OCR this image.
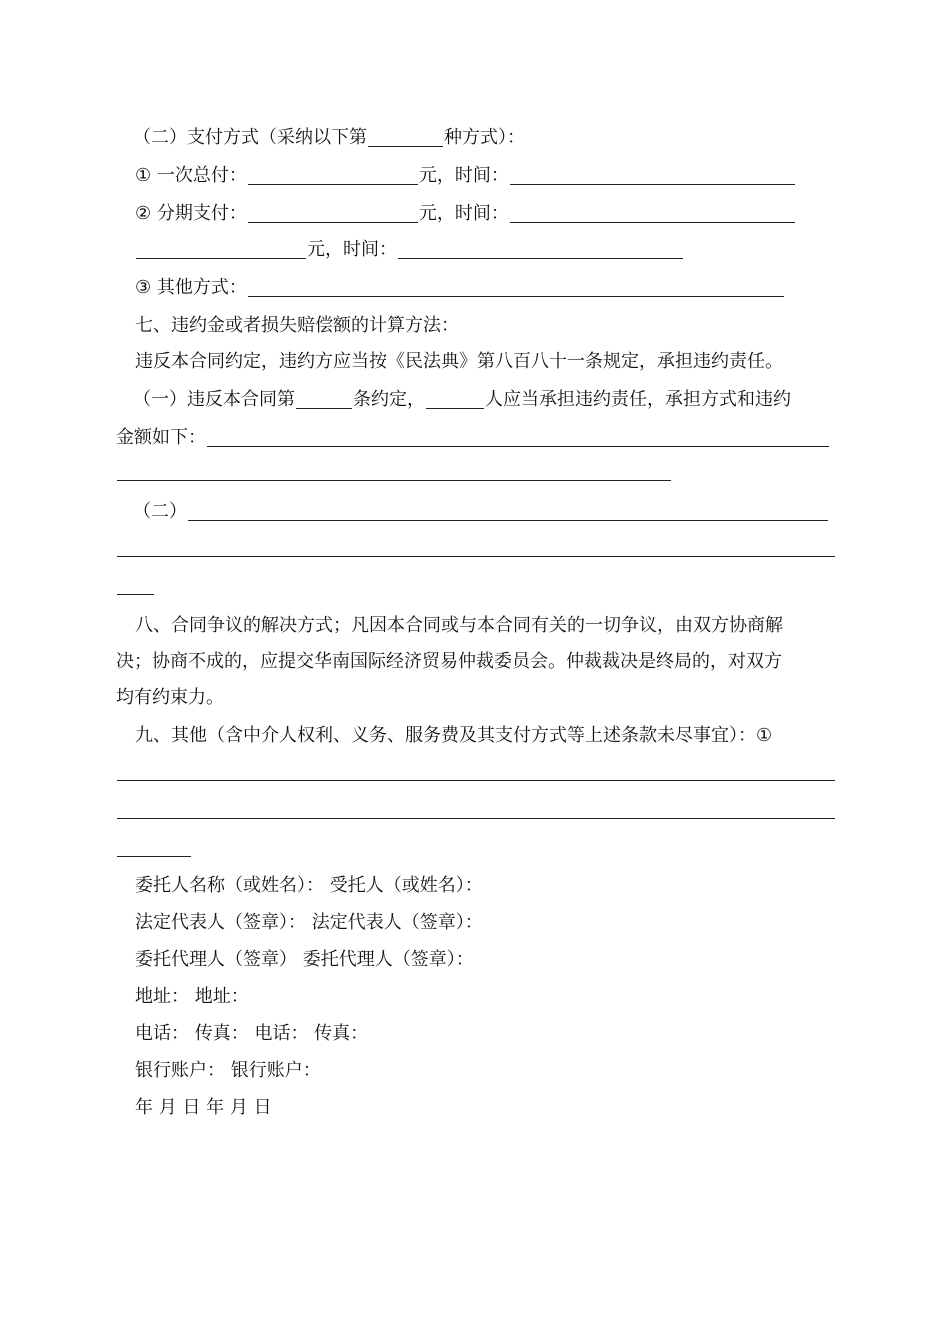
（二）支付方式（采纳以下第	种方式）：
① 一次总付：	元，时间：
② 分期支付：	元，时间：
元，时间：
③ 其他方式：
七、违约金或者损失赔偿额的计算方法：
违反本合同约定，违约方应当按《民法典》第八百八十一条规定，承担违约责任。
（一）违反本合同第	条约定，	人应当承担违约责任，承担方式和违约
金额如下：
（二）
八、合同争议的解决方式；凡因本合同或与本合同有关的一切争议，由双方协商解
决；协商不成的，应提交华南国际经济贸易仲裁委员会。仲裁裁决是终局的，对双方
均有约束力。
九、其他（含中介人权利、义务、服务费及其支付方式等上述条款未尽事宜）：①
委托人名称（或姓名）： 受托人（或姓名）：
法定代表人（签章）： 法定代表人（签章）：
委托代理人（签章） 委托代理人（签章）：
地址： 地址：
电话： 传真： 电话： 传真：
银行账户： 银行账户：
年 月 日 年 月 日
